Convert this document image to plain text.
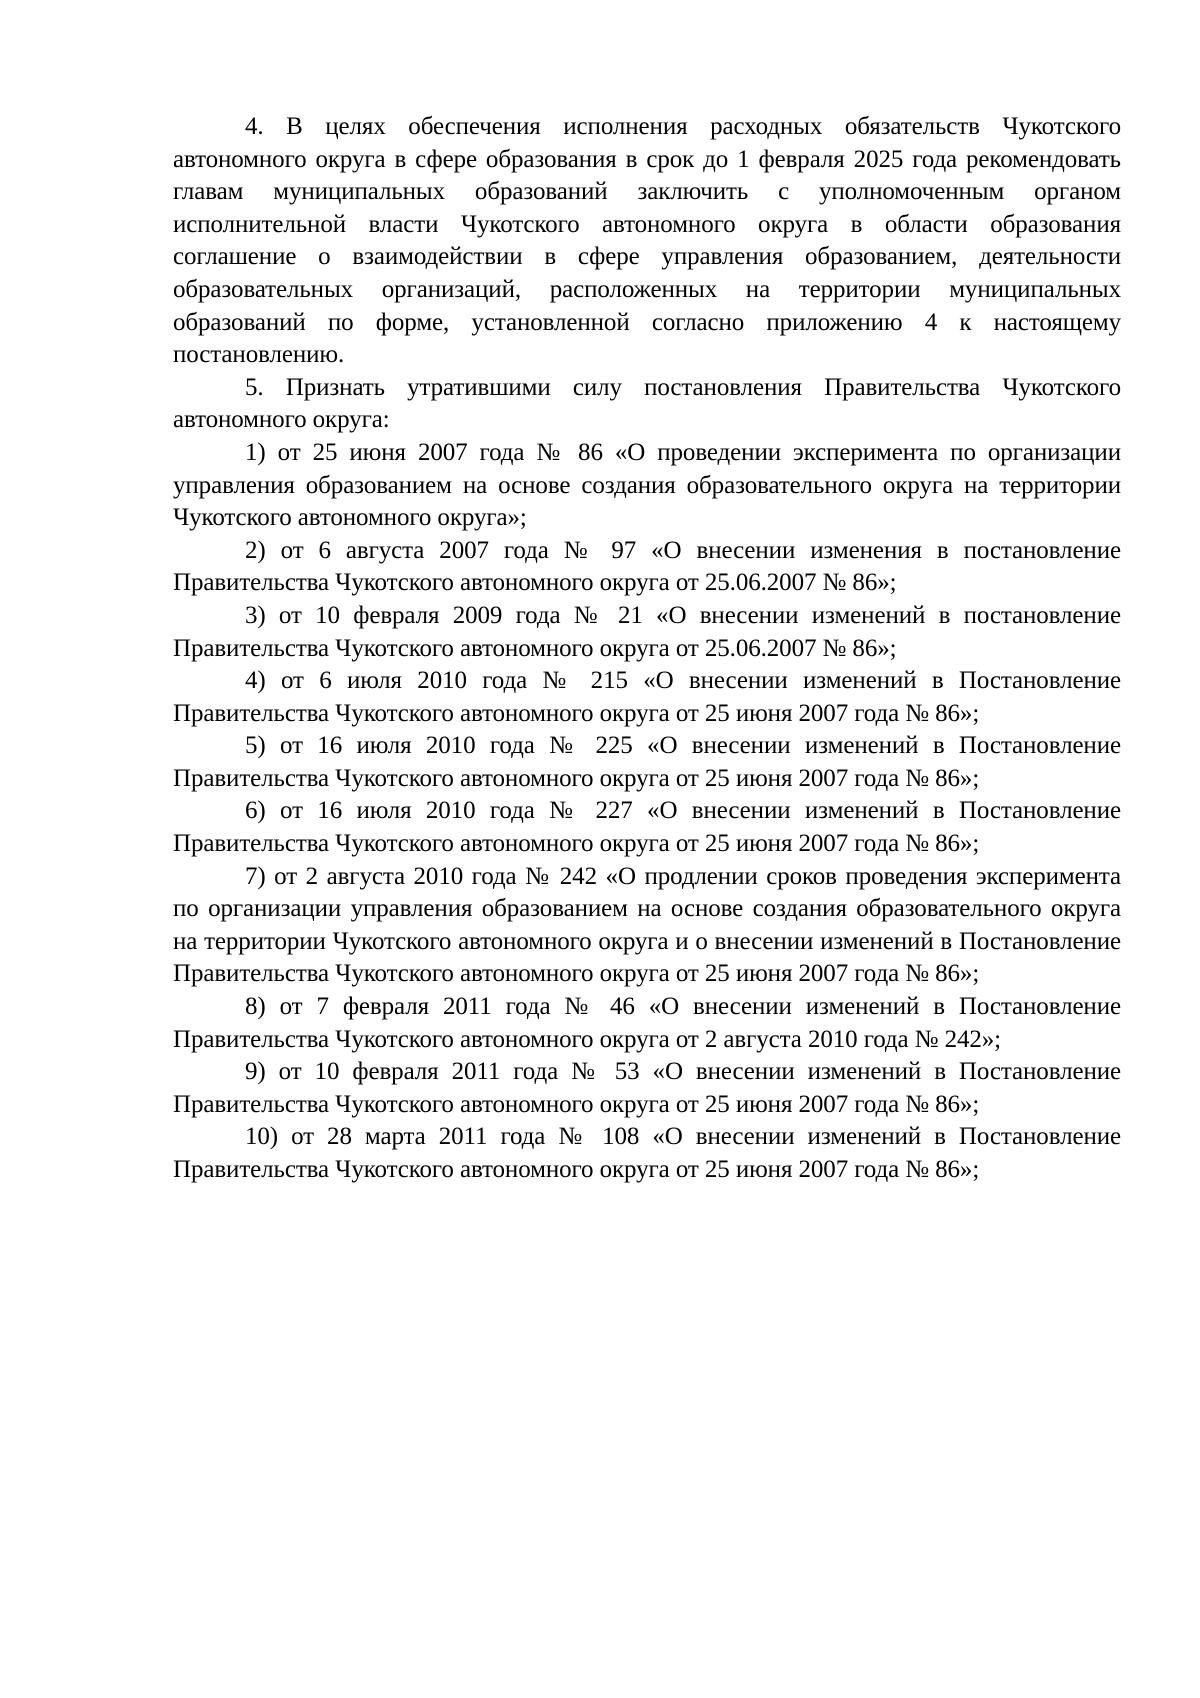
4. В целях обеспечения исполнения расходных обязательств Чукотского автономного округа в сфере образования в срок до 1 февраля 2025 года рекомендовать главам муниципальных образований заключить с уполномоченным органом исполнительной власти Чукотского автономного округа в области образования соглашение о взаимодействии в сфере управления образованием, деятельности образовательных организаций, расположенных на территории муниципальных образований по форме, установленной согласно приложению 4 к настоящему постановлению.

5. Признать утратившими силу постановления Правительства Чукотского автономного округа:

1) от 25 июня 2007 года № 86 «О проведении эксперимента по организации управления образованием на основе создания образовательного округа на территории Чукотского автономного округа»;

2) от 6 августа 2007 года № 97 «О внесении изменения в постановление Правительства Чукотского автономного округа от 25.06.2007 № 86»;

3) от 10 февраля 2009 года № 21 «О внесении изменений в постановление Правительства Чукотского автономного округа от 25.06.2007 № 86»;

4) от 6 июля 2010 года № 215 «О внесении изменений в Постановление Правительства Чукотского автономного округа от 25 июня 2007 года № 86»;

5) от 16 июля 2010 года № 225 «О внесении изменений в Постановление Правительства Чукотского автономного округа от 25 июня 2007 года № 86»;

6) от 16 июля 2010 года № 227 «О внесении изменений в Постановление Правительства Чукотского автономного округа от 25 июня 2007 года № 86»;

7) от 2 августа 2010 года № 242 «О продлении сроков проведения эксперимента по организации управления образованием на основе создания образовательного округа на территории Чукотского автономного округа и о внесении изменений в Постановление Правительства Чукотского автономного округа от 25 июня 2007 года № 86»;

8) от 7 февраля 2011 года № 46 «О внесении изменений в Постановление Правительства Чукотского автономного округа от 2 августа 2010 года № 242»;

9) от 10 февраля 2011 года № 53 «О внесении изменений в Постановление Правительства Чукотского автономного округа от 25 июня 2007 года № 86»;

10) от 28 марта 2011 года № 108 «О внесении изменений в Постановление Правительства Чукотского автономного округа от 25 июня 2007 года № 86»;
